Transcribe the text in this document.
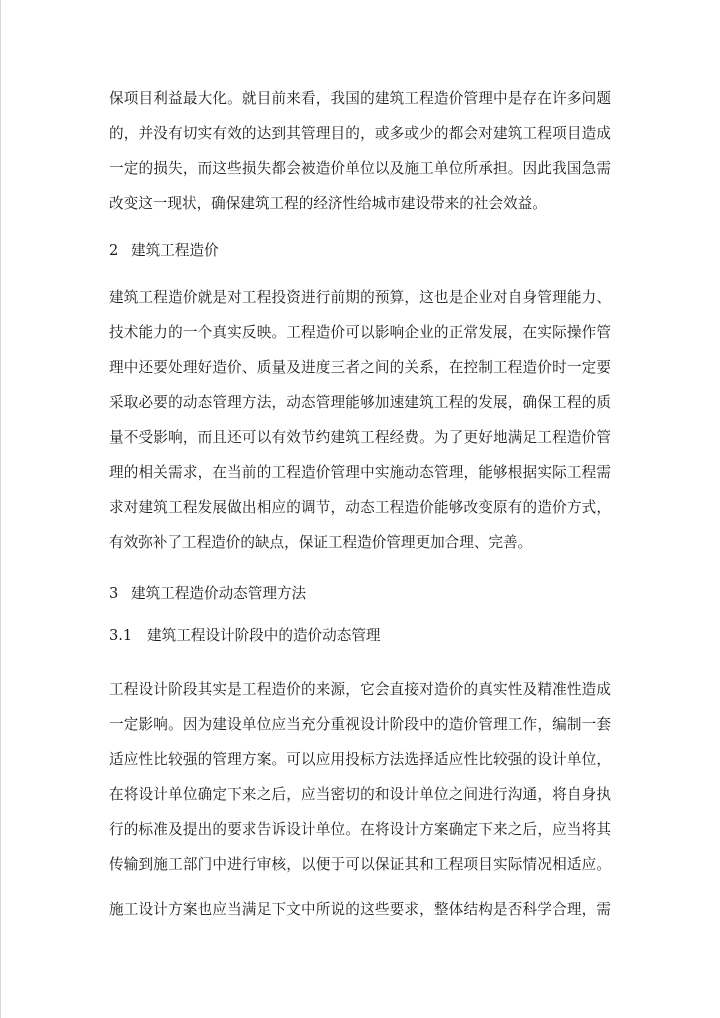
保项目利益最大化。就目前来看，我国的建筑工程造价管理中是存在许多问题
的，并没有切实有效的达到其管理目的，或多或少的都会对建筑工程项目造成
一定的损失，而这些损失都会被造价单位以及施工单位所承担。因此我国急需
改变这一现状，确保建筑工程的经济性给城市建设带来的社会效益。
2 建筑工程造价
建筑工程造价就是对工程投资进行前期的预算，这也是企业对自身管理能力、
技术能力的一个真实反映。工程造价可以影响企业的正常发展，在实际操作管
理中还要处理好造价、质量及进度三者之间的关系，在控制工程造价时一定要
采取必要的动态管理方法，动态管理能够加速建筑工程的发展，确保工程的质
量不受影响，而且还可以有效节约建筑工程经费。为了更好地满足工程造价管
理的相关需求，在当前的工程造价管理中实施动态管理，能够根据实际工程需
求对建筑工程发展做出相应的调节，动态工程造价能够改变原有的造价方式，
有效弥补了工程造价的缺点，保证工程造价管理更加合理、完善。
3 建筑工程造价动态管理方法
3.1 建筑工程设计阶段中的造价动态管理
工程设计阶段其实是工程造价的来源，它会直接对造价的真实性及精准性造成
一定影响。因为建设单位应当充分重视设计阶段中的造价管理工作，编制一套
适应性比较强的管理方案。可以应用投标方法选择适应性比较强的设计单位，
在将设计单位确定下来之后，应当密切的和设计单位之间进行沟通，将自身执
行的标准及提出的要求告诉设计单位。在将设计方案确定下来之后，应当将其
传输到施工部门中进行审核，以便于可以保证其和工程项目实际情况相适应。
施工设计方案也应当满足下文中所说的这些要求，整体结构是否科学合理，需
